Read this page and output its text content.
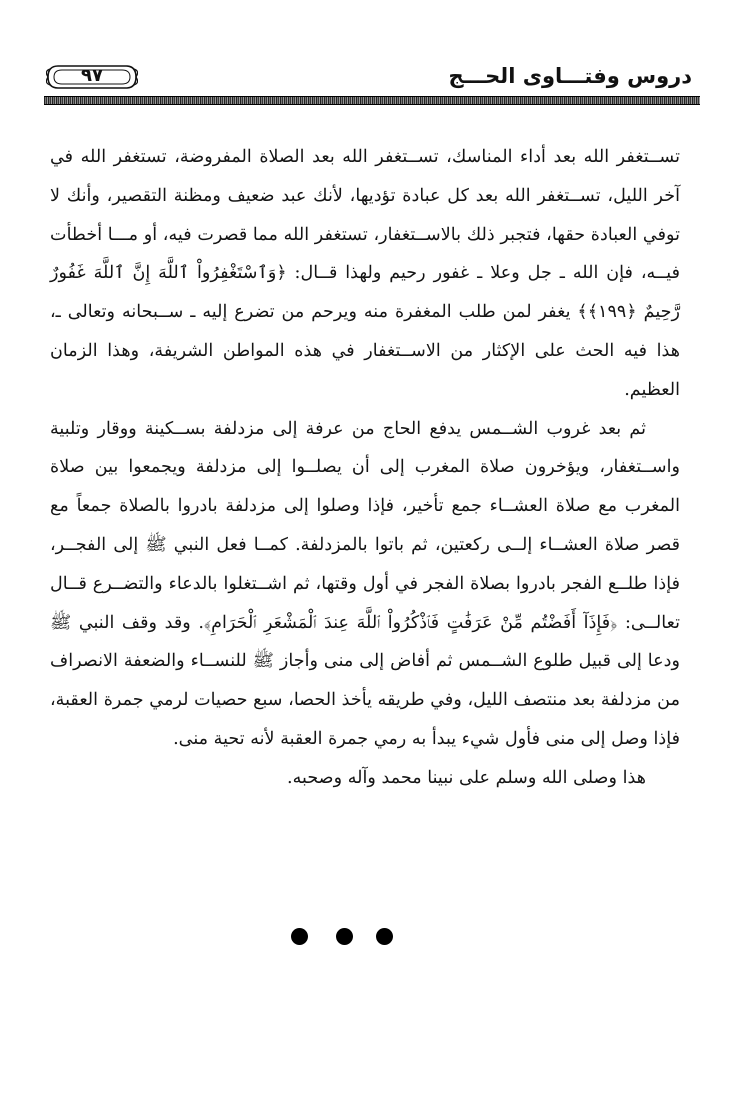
دروس وفتـــاوى الحـــج
٩٧

تســتغفر الله بعد أداء المناسك، تســتغفر الله بعد الصلاة المفروضة، تستغفر الله في آخر الليل، تســتغفر الله بعد كل عبادة تؤديها، لأنك عبد ضعيف ومظنة التقصير، وأنك لا توفي العبادة حقها، فتجبر ذلك بالاســتغفار، تستغفر الله مما قصرت فيه، أو مـــا أخطأت فيــه، فإن الله ـ جل وعلا ـ غفور رحيم ولهذا قــال: ﴿وَٱسْتَغْفِرُواْ ٱللَّهَ إِنَّ ٱللَّهَ غَفُورٌ رَّحِيمٌ ﴿١٩٩﴾﴾ يغفر لمن طلب المغفرة منه ويرحم من تضرع إليه ـ ســبحانه وتعالى ـ، هذا فيه الحث على الإكثار من الاســتغفار في هذه المواطن الشريفة، وهذا الزمان العظيم.

ثم بعد غروب الشــمس يدفع الحاج من عرفة إلى مزدلفة بســكينة ووقار وتلبية واســتغفار، ويؤخرون صلاة المغرب إلى أن يصلــوا إلى مزدلفة ويجمعوا بين صلاة المغرب مع صلاة العشــاء جمع تأخير، فإذا وصلوا إلى مزدلفة بادروا بالصلاة جمعاً مع قصر صلاة العشــاء إلــى ركعتين، ثم باتوا بالمزدلفة. كمــا فعل النبي ﷺ إلى الفجــر، فإذا طلــع الفجر بادروا بصلاة الفجر في أول وقتها، ثم اشــتغلوا بالدعاء والتضــرع قــال تعالــى: ﴿فَإِذَآ أَفَضْتُم مِّنْ عَرَفَٰتٍ فَٱذْكُرُواْ ٱللَّهَ عِندَ ٱلْمَشْعَرِ ٱلْحَرَامِ﴾. وقد وقف النبي ﷺ ودعا إلى قبيل طلوع الشــمس ثم أفاض إلى منى وأجاز ﷺ للنســاء والضعفة الانصراف من مزدلفة بعد منتصف الليل، وفي طريقه يأخذ الحصا، سبع حصيات لرمي جمرة العقبة، فإذا وصل إلى منى فأول شيء يبدأ به رمي جمرة العقبة لأنه تحية منى.

هذا وصلى الله وسلم على نبينا محمد وآله وصحبه.
